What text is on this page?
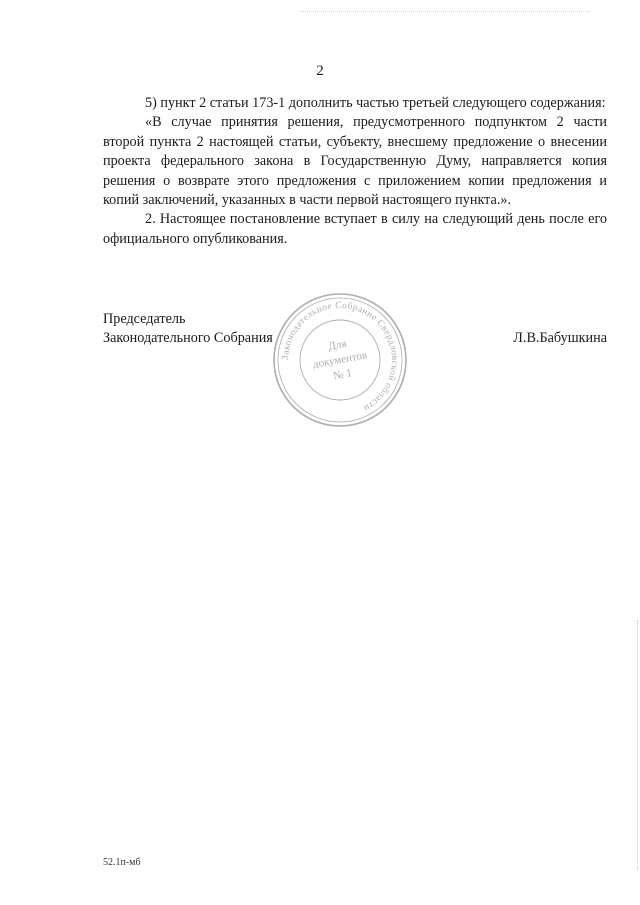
2

5) пункт 2 статьи 173-1 дополнить частью третьей следующего содержания:

«В случае принятия решения, предусмотренного подпунктом 2 части второй пункта 2 настоящей статьи, субъекту, внесшему предложение о внесении проекта федерального закона в Государственную Думу, направляется копия решения о возврате этого предложения с приложением копии предложения и копий заключений, указанных в части первой настоящего пункта.».

2. Настоящее постановление вступает в силу на следующий день после его официального опубликования.

Председатель
Законодательного Собрания	Л.В.Бабушкина
Законодательное Собрание Свердловской области
Для
документов
№ 1
52.1п-мб
